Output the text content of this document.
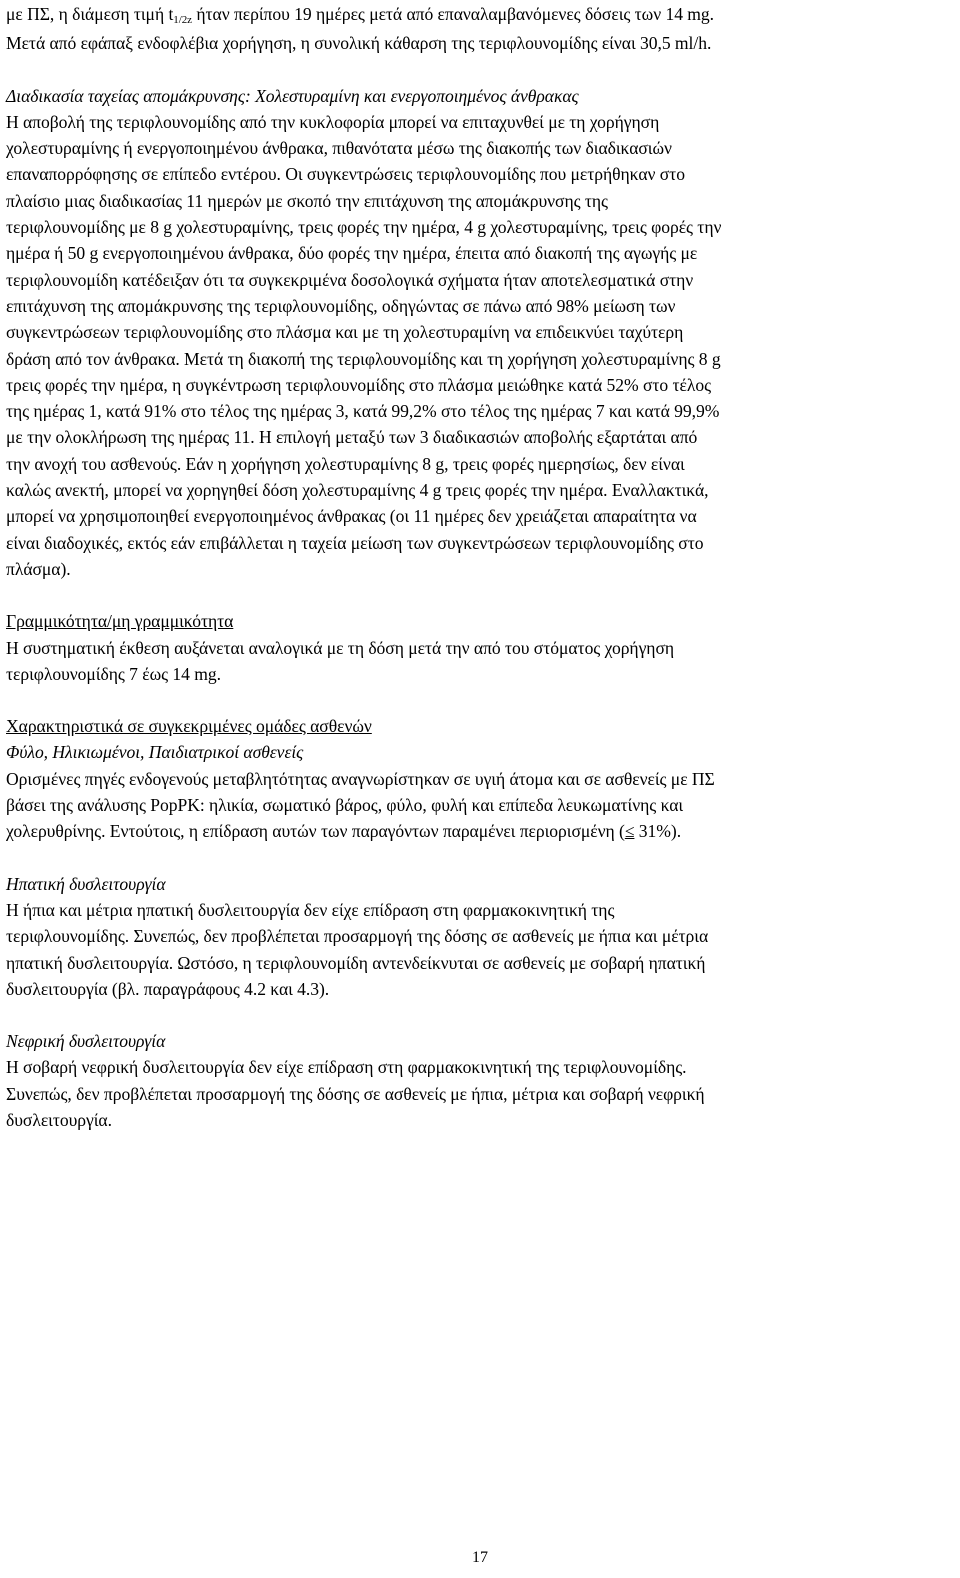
με ΠΣ, η διάμεση τιμή $t_{1/2z}$ ήταν περίπου 19 ημέρες μετά από επαναλαμβανόμενες δόσεις των 14 mg.
Μετά από εφάπαξ ενδοφλέβια χορήγηση, η συνολική κάθαρση της τεριφλουνομίδης είναι 30,5 ml/h.

Διαδικασία ταχείας απομάκρυνσης: Χολεστυραμίνη και ενεργοποιημένος άνθρακας
Η αποβολή της τεριφλουνομίδης από την κυκλοφορία μπορεί να επιταχυνθεί με τη χορήγηση
χολεστυραμίνης ή ενεργοποιημένου άνθρακα, πιθανότατα μέσω της διακοπής των διαδικασιών
επαναπορρόφησης σε επίπεδο εντέρου. Οι συγκεντρώσεις τεριφλουνομίδης που μετρήθηκαν στο
πλαίσιο μιας διαδικασίας 11 ημερών με σκοπό την επιτάχυνση της απομάκρυνσης της
τεριφλουνομίδης με 8 g χολεστυραμίνης, τρεις φορές την ημέρα, 4 g χολεστυραμίνης, τρεις φορές την
ημέρα ή 50 g ενεργοποιημένου άνθρακα, δύο φορές την ημέρα, έπειτα από διακοπή της αγωγής με
τεριφλουνομίδη κατέδειξαν ότι τα συγκεκριμένα δοσολογικά σχήματα ήταν αποτελεσματικά στην
επιτάχυνση της απομάκρυνσης της τεριφλουνομίδης, οδηγώντας σε πάνω από 98% μείωση των
συγκεντρώσεων τεριφλουνομίδης στο πλάσμα και με τη χολεστυραμίνη να επιδεικνύει ταχύτερη
δράση από τον άνθρακα. Μετά τη διακοπή της τεριφλουνομίδης και τη χορήγηση χολεστυραμίνης 8 g
τρεις φορές την ημέρα, η συγκέντρωση τεριφλουνομίδης στο πλάσμα μειώθηκε κατά 52% στο τέλος
της ημέρας 1, κατά 91% στο τέλος της ημέρας 3, κατά 99,2% στο τέλος της ημέρας 7 και κατά 99,9%
με την ολοκλήρωση της ημέρας 11. Η επιλογή μεταξύ των 3 διαδικασιών αποβολής εξαρτάται από
την ανοχή του ασθενούς. Εάν η χορήγηση χολεστυραμίνης 8 g, τρεις φορές ημερησίως, δεν είναι
καλώς ανεκτή, μπορεί να χορηγηθεί δόση χολεστυραμίνης 4 g τρεις φορές την ημέρα. Εναλλακτικά,
μπορεί να χρησιμοποιηθεί ενεργοποιημένος άνθρακας (οι 11 ημέρες δεν χρειάζεται απαραίτητα να
είναι διαδοχικές, εκτός εάν επιβάλλεται η ταχεία μείωση των συγκεντρώσεων τεριφλουνομίδης στο
πλάσμα).

Γραμμικότητα/μη γραμμικότητα
Η συστηματική έκθεση αυξάνεται αναλογικά με τη δόση μετά την από του στόματος χορήγηση
τεριφλουνομίδης 7 έως 14 mg.

Χαρακτηριστικά σε συγκεκριμένες ομάδες ασθενών
Φύλο, Ηλικιωμένοι, Παιδιατρικοί ασθενείς
Ορισμένες πηγές ενδογενούς μεταβλητότητας αναγνωρίστηκαν σε υγιή άτομα και σε ασθενείς με ΠΣ
βάσει της ανάλυσης PopPK: ηλικία, σωματικό βάρος, φύλο, φυλή και επίπεδα λευκωματίνης και
χολερυθρίνης. Εντούτοις, η επίδραση αυτών των παραγόντων παραμένει περιορισμένη (≤ 31%).

Ηπατική δυσλειτουργία
Η ήπια και μέτρια ηπατική δυσλειτουργία δεν είχε επίδραση στη φαρμακοκινητική της
τεριφλουνομίδης. Συνεπώς, δεν προβλέπεται προσαρμογή της δόσης σε ασθενείς με ήπια και μέτρια
ηπατική δυσλειτουργία. Ωστόσο, η τεριφλουνομίδη αντενδείκνυται σε ασθενείς με σοβαρή ηπατική
δυσλειτουργία (βλ. παραγράφους 4.2 και 4.3).

Νεφρική δυσλειτουργία
Η σοβαρή νεφρική δυσλειτουργία δεν είχε επίδραση στη φαρμακοκινητική της τεριφλουνομίδης.
Συνεπώς, δεν προβλέπεται προσαρμογή της δόσης σε ασθενείς με ήπια, μέτρια και σοβαρή νεφρική
δυσλειτουργία.

17
